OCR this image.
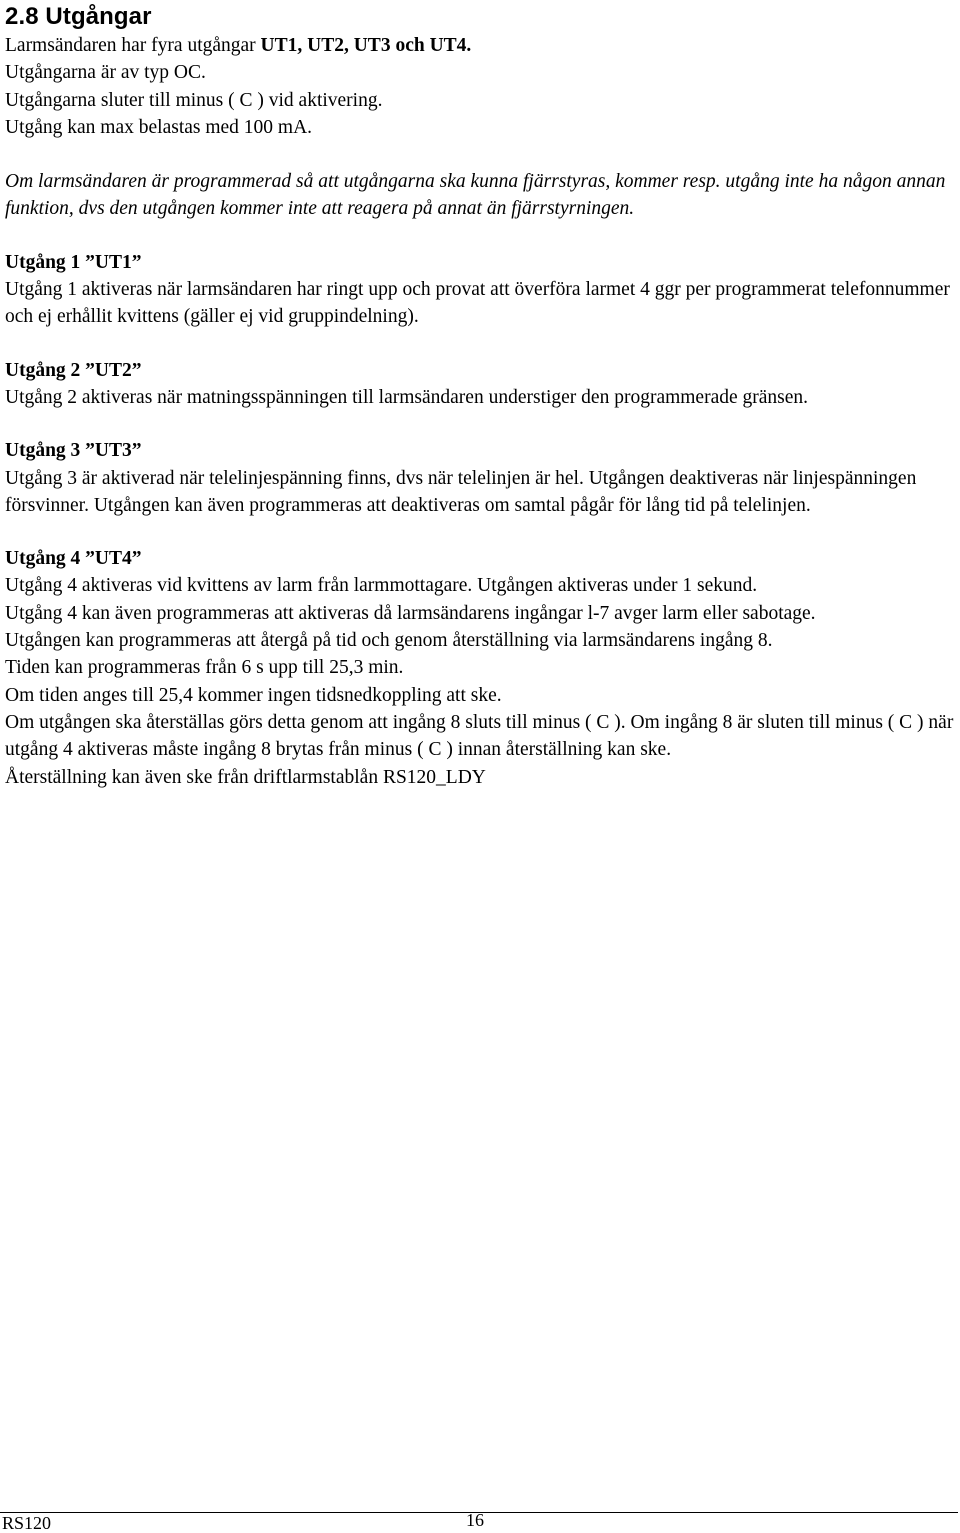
2.8 Utgångar

Larmsändaren har fyra utgångar UT1, UT2, UT3 och UT4.

Utgångarna är av typ OC.

Utgångarna sluter till minus ( C ) vid aktivering.

Utgång kan max belastas med 100 mA.

Om larmsändaren är programmerad så att utgångarna ska kunna fjärrstyras, kommer resp. utgång inte ha någon annan funktion, dvs den utgången kommer inte att reagera på annat än fjärrstyrningen.

Utgång 1 ”UT1”

Utgång 1 aktiveras när larmsändaren har ringt upp och provat att överföra larmet 4 ggr per programmerat telefonnummer och ej erhållit kvittens (gäller ej vid gruppindelning).

Utgång 2 ”UT2”

Utgång 2 aktiveras när matningsspänningen till larmsändaren understiger den programmerade gränsen.

Utgång 3 ”UT3”

Utgång 3 är aktiverad när telelinjespänning finns, dvs när telelinjen är hel. Utgången deaktiveras när linjespänningen försvinner. Utgången kan även programmeras att deaktiveras om samtal pågår för lång tid på telelinjen.

Utgång 4 ”UT4”

Utgång 4 aktiveras vid kvittens av larm från larmmottagare. Utgången aktiveras under 1 sekund.

Utgång 4 kan även programmeras att aktiveras då larmsändarens ingångar l-7 avger larm eller sabotage.

Utgången kan programmeras att återgå på tid och genom återställning via larmsändarens ingång 8.

Tiden kan programmeras från 6 s upp till 25,3 min.

Om tiden anges till 25,4 kommer ingen tidsnedkoppling att ske.

Om utgången ska återställas görs detta genom att ingång 8 sluts till minus ( C ). Om ingång 8 är sluten till minus ( C ) när utgång 4 aktiveras måste ingång 8 brytas från minus ( C ) innan återställning kan ske.

Återställning kan även ske från driftlarmstablån RS120_LDY

RS120	16
